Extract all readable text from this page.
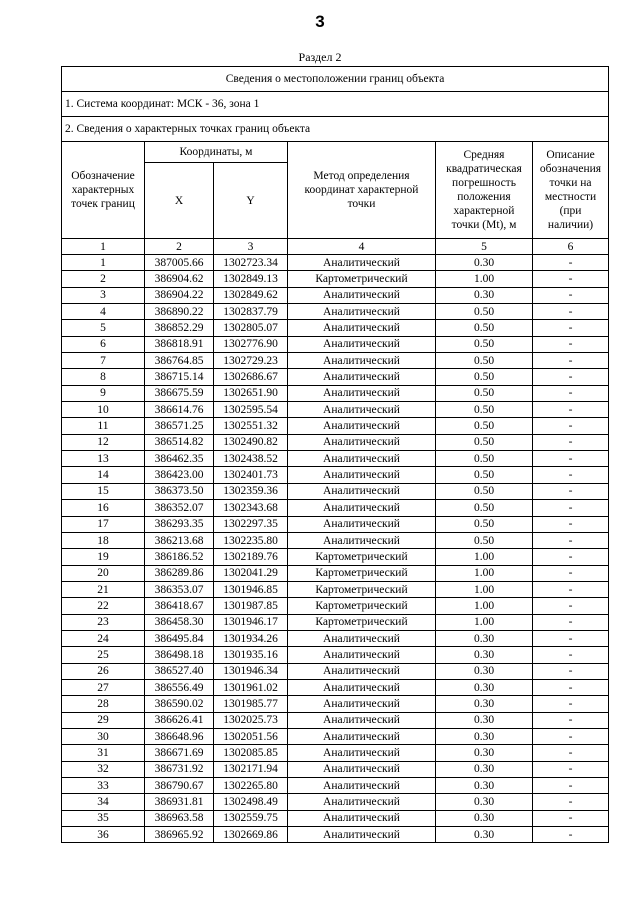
3
Раздел 2
Сведения о местоположении границ объекта					
1. Система координат: МСК - 36, зона 1					
2. Сведения о характерных точках границ объекта					
Обозначение характерных точек границ	Координаты, м		Метод определения координат характерной точки	Средняя квадратическая погрешность положения характерной точки (Mt), м	Описание обозначения точки на местности (при наличии)
	X	Y			
1	2	3	4	5	6
1	387005.66	1302723.34	Аналитический	0.30	-
2	386904.62	1302849.13	Картометрический	1.00	-
3	386904.22	1302849.62	Аналитический	0.30	-
4	386890.22	1302837.79	Аналитический	0.50	-
5	386852.29	1302805.07	Аналитический	0.50	-
6	386818.91	1302776.90	Аналитический	0.50	-
7	386764.85	1302729.23	Аналитический	0.50	-
8	386715.14	1302686.67	Аналитический	0.50	-
9	386675.59	1302651.90	Аналитический	0.50	-
10	386614.76	1302595.54	Аналитический	0.50	-
11	386571.25	1302551.32	Аналитический	0.50	-
12	386514.82	1302490.82	Аналитический	0.50	-
13	386462.35	1302438.52	Аналитический	0.50	-
14	386423.00	1302401.73	Аналитический	0.50	-
15	386373.50	1302359.36	Аналитический	0.50	-
16	386352.07	1302343.68	Аналитический	0.50	-
17	386293.35	1302297.35	Аналитический	0.50	-
18	386213.68	1302235.80	Аналитический	0.50	-
19	386186.52	1302189.76	Картометрический	1.00	-
20	386289.86	1302041.29	Картометрический	1.00	-
21	386353.07	1301946.85	Картометрический	1.00	-
22	386418.67	1301987.85	Картометрический	1.00	-
23	386458.30	1301946.17	Картометрический	1.00	-
24	386495.84	1301934.26	Аналитический	0.30	-
25	386498.18	1301935.16	Аналитический	0.30	-
26	386527.40	1301946.34	Аналитический	0.30	-
27	386556.49	1301961.02	Аналитический	0.30	-
28	386590.02	1301985.77	Аналитический	0.30	-
29	386626.41	1302025.73	Аналитический	0.30	-
30	386648.96	1302051.56	Аналитический	0.30	-
31	386671.69	1302085.85	Аналитический	0.30	-
32	386731.92	1302171.94	Аналитический	0.30	-
33	386790.67	1302265.80	Аналитический	0.30	-
34	386931.81	1302498.49	Аналитический	0.30	-
35	386963.58	1302559.75	Аналитический	0.30	-
36	386965.92	1302669.86	Аналитический	0.30	-
